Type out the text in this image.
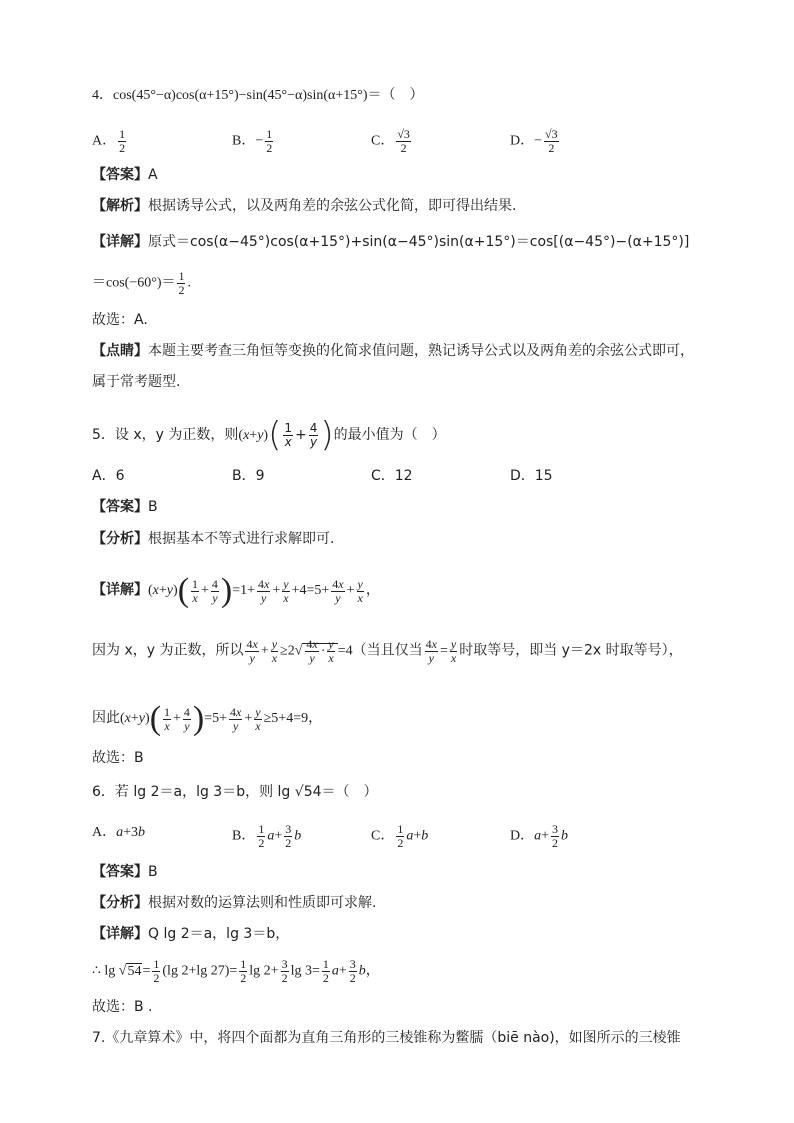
4．cos(45°−α)cos(α+15°)−sin(45°−α)sin(α+15°)＝（　）
A． $\frac{1}{2}$	B．− $\frac{1}{2}$	C． $\frac{√3}{2}$	D．− $\frac{√3}{2}$
【答案】A
【解析】根据诱导公式，以及两角差的余弦公式化简，即可得出结果.
【详解】原式＝cos(α−45°)cos(α+15°)+sin(α−45°)sin(α+15°)＝cos[(α−45°)−(α+15°)]
$=\cos(-60^\circ)= \frac{1}{2}$ .
故选：A.
【点睛】本题主要考查三角恒等变换的化简求值问题，熟记诱导公式以及两角差的余弦公式即可，
属于常考题型.
5．设 x，y 为正数，则$(x+y)( \frac{1}{x} + \frac{4}{y}$ )的最小值为（　）
A．6	B．9	C．12	D．15
【答案】B
【分析】根据基本不等式进行求解即可.
【详解】$(x+y)( \frac{1}{x} + \frac{4}{y} )=1+ \frac{4x}{y} + \frac{y}{x} +4=5+ \frac{4x}{y} + \frac{y}{x}$ ，
因为 x，y 为正数，所以 $\frac{4x}{y} + \frac{y}{x} \ge 2√ \frac{4x}{y} \cdot \frac{y}{x} =4$（当且仅当 $\frac{4x}{y} = \frac{y}{x}$ 时取等号，即当 y＝2x 时取等号），
因此$(x+y)( \frac{1}{x} + \frac{4}{y} )=5+ \frac{4x}{y} + \frac{y}{x} \ge 5+4=9$，
故选：B
6．若 lg 2＝a，lg 3＝b，则 lg √54＝（　）
A．a+3b	B． $\frac{1}{2} a+ \frac{3}{2}$ b	C． $\frac{1}{2} a+b$	D．$a+ \frac{3}{2}$ b
【答案】B
【分析】根据对数的运算法则和性质即可求解.
【详解】Q lg 2＝a，lg 3＝b，
∴ $\lg √54= \frac{1}{2} (\lg$ 2+lg $27)= \frac{1}{2}$ $\lg 2+ \frac{3}{2}$ $\lg 3= \frac{1}{2} a+ \frac{3}{2}$ b，
故选：B .
7.《九章算术》中，将四个面都为直角三角形的三棱锥称为鳖臑（biē nào)，如图所示的三棱锥
